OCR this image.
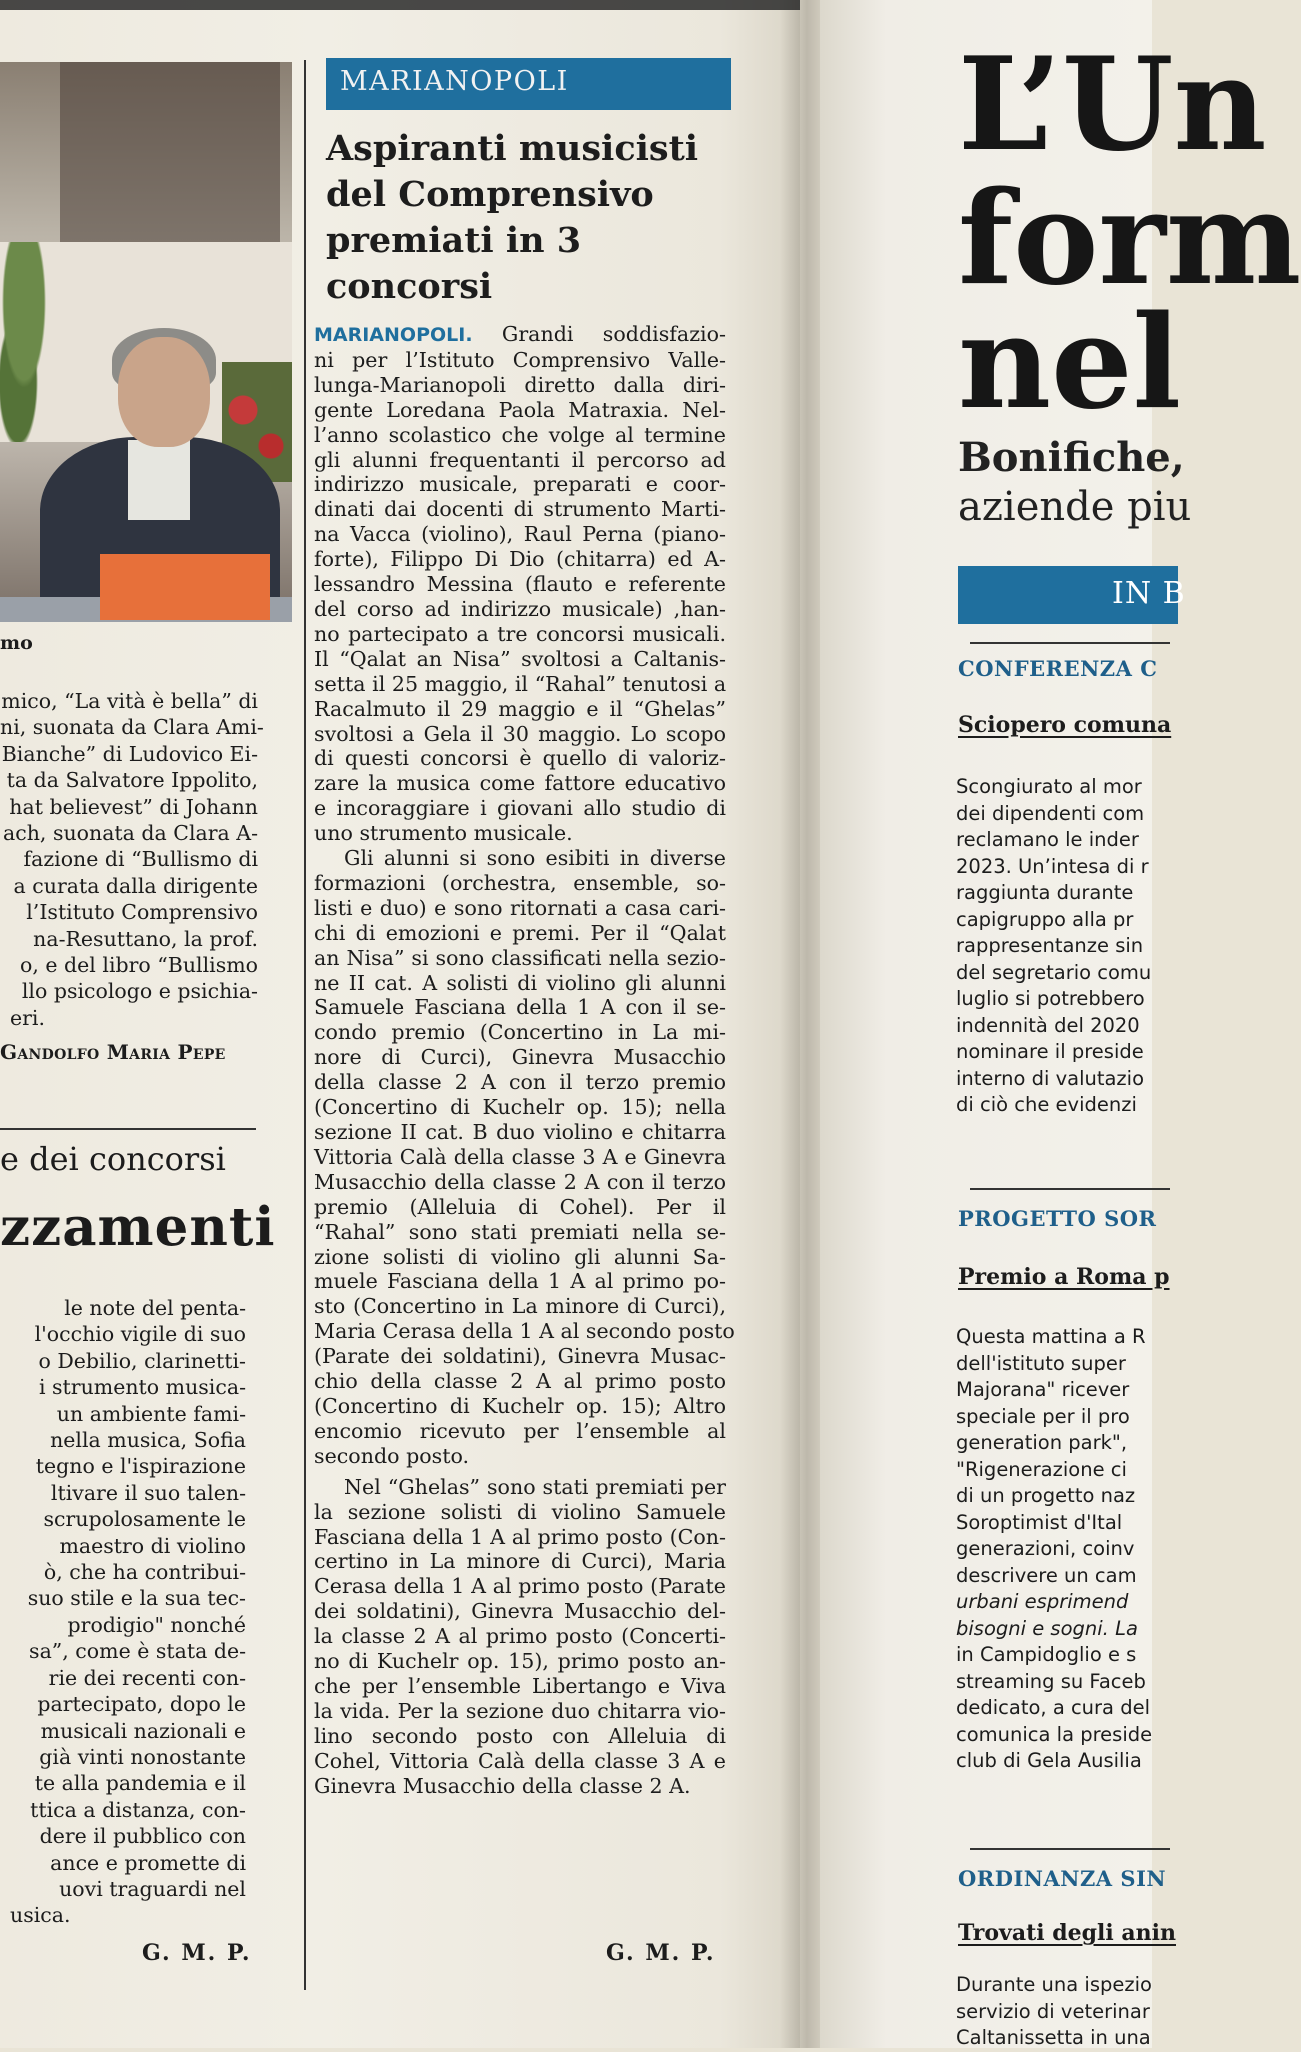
mo
mico, “La vità è bella” di
ni, suonata da Clara Ami-
Bianche” di Ludovico Ei-
ta da Salvatore Ippolito,
hat believest” di Johann
ach, suonata da Clara A-
fazione di “Bullismo di
a curata dalla dirigente
l’Istituto Comprensivo
na-Resuttano, la prof.
o, e del libro “Bullismo
llo psicologo e psichia-
eri.
Gandolfo Maria Pepe
e dei concorsi
zzamenti
le note del penta-
l'occhio vigile di suo
o Debilio, clarinetti-
i strumento musica-
un ambiente fami-
nella musica, Sofia
tegno e l'ispirazione
ltivare il suo talen-
scrupolosamente le
maestro di violino
ò, che ha contribui-
suo stile e la sua tec-
prodigio" nonché
sa”, come è stata de-
rie dei recenti con-
partecipato, dopo le
musicali nazionali e
già vinti nonostante
te alla pandemia e il
ttica a distanza, con-
dere il pubblico con
ance e promette di
uovi traguardi nel
usica.
G. M. P.
MARIANOPOLI
Aspiranti musicisti
del Comprensivo
premiati in 3 concorsi
MARIANOPOLI. Grandi soddisfazio-
ni per l’Istituto Comprensivo Valle-
lunga-Marianopoli diretto dalla diri-
gente Loredana Paola Matraxia. Nel-
l’anno scolastico che volge al termine
gli alunni frequentanti il percorso ad
indirizzo musicale, preparati e coor-
dinati dai docenti di strumento Marti-
na Vacca (violino), Raul Perna (piano-
forte), Filippo Di Dio (chitarra) ed A-
lessandro Messina (flauto e referente
del corso ad indirizzo musicale) ,han-
no partecipato a tre concorsi musicali.
Il “Qalat an Nisa” svoltosi a Caltanis-
setta il 25 maggio, il “Rahal” tenutosi a
Racalmuto il 29 maggio e il “Ghelas”
svoltosi a Gela il 30 maggio. Lo scopo
di questi concorsi è quello di valoriz-
zare la musica come fattore educativo
e incoraggiare i giovani allo studio di
uno strumento musicale.
Gli alunni si sono esibiti in diverse
formazioni (orchestra, ensemble, so-
listi e duo) e sono ritornati a casa cari-
chi di emozioni e premi. Per il “Qalat
an Nisa” si sono classificati nella sezio-
ne II cat. A solisti di violino gli alunni
Samuele Fasciana della 1 A con il se-
condo premio (Concertino in La mi-
nore di Curci), Ginevra Musacchio
della classe 2 A con il terzo premio
(Concertino di Kuchelr op. 15); nella
sezione II cat. B duo violino e chitarra
Vittoria Calà della classe 3 A e Ginevra
Musacchio della classe 2 A con il terzo
premio (Alleluia di Cohel). Per il
“Rahal” sono stati premiati nella se-
zione solisti di violino gli alunni Sa-
muele Fasciana della 1 A al primo po-
sto (Concertino in La minore di Curci),
Maria Cerasa della 1 A al secondo posto
(Parate dei soldatini), Ginevra Musac-
chio della classe 2 A al primo posto
(Concertino di Kuchelr op. 15); Altro
encomio ricevuto per l’ensemble al
secondo posto.
Nel “Ghelas” sono stati premiati per
la sezione solisti di violino Samuele
Fasciana della 1 A al primo posto (Con-
certino in La minore di Curci), Maria
Cerasa della 1 A al primo posto (Parate
dei soldatini), Ginevra Musacchio del-
la classe 2 A al primo posto (Concerti-
no di Kuchelr op. 15), primo posto an-
che per l’ensemble Libertango e Viva
la vida. Per la sezione duo chitarra vio-
lino secondo posto con Alleluia di
Cohel, Vittoria Calà della classe 3 A e
Ginevra Musacchio della classe 2 A.
G. M. P.
L’Un
form
nel
Bonifiche,
aziende piu
IN B
CONFERENZA C
Sciopero comuna
Scongiurato al mor
dei dipendenti com
reclamano le inder
2023. Un’intesa di r
raggiunta durante
capigruppo alla pr
rappresentanze sin
del segretario comu
luglio si potrebbero
indennità del 2020
nominare il preside
interno di valutazio
di ciò che evidenzi
PROGETTO SOR
Premio a Roma p
Questa mattina a R
dell'istituto super
Majorana" ricever
speciale per il pro
generation park",
"Rigenerazione ci
di un progetto naz
Soroptimist d'Ital
generazioni, coinv
descrivere un cam
urbani esprimend
bisogni e sogni. La
in Campidoglio e s
streaming su Faceb
dedicato, a cura del
comunica la preside
club di Gela Ausilia
ORDINANZA SIN
Trovati degli anin
Durante una ispezio
servizio di veterinar
Caltanissetta in una
